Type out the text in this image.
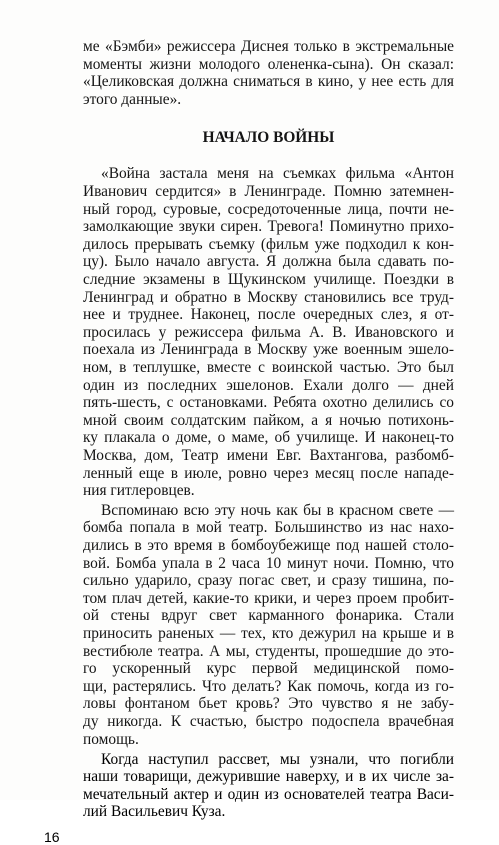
ме «Бэмби» режиссера Диснея только в экстремальные
моменты жизни молодого олененка-сына). Он сказал:
«Целиковская должна сниматься в кино, у нее есть для
этого данные».
НАЧАЛО ВОЙНЫ
«Война застала меня на съемках фильма «Антон
Иванович сердится» в Ленинграде. Помню затемнен-
ный город, суровые, сосредоточенные лица, почти не-
замолкающие звуки сирен. Тревога! Поминутно прихо-
дилось прерывать съемку (фильм уже подходил к кон-
цу). Было начало августа. Я должна была сдавать по-
следние экзамены в Щукинском училище. Поездки в
Ленинград и обратно в Москву становились все труд-
нее и труднее. Наконец, после очередных слез, я от-
просилась у режиссера фильма А. В. Ивановского и
поехала из Ленинграда в Москву уже военным эшело-
ном, в теплушке, вместе с воинской частью. Это был
один из последних эшелонов. Ехали долго — дней
пять-шесть, с остановками. Ребята охотно делились со
мной своим солдатским пайком, а я ночью потихонь-
ку плакала о доме, о маме, об училище. И наконец-то
Москва, дом, Театр имени Евг. Вахтангова, разбомб-
ленный еще в июле, ровно через месяц после нападе-
ния гитлеровцев.
Вспоминаю всю эту ночь как бы в красном свете —
бомба попала в мой театр. Большинство из нас нахо-
дились в это время в бомбоубежище под нашей столо-
вой. Бомба упала в 2 часа 10 минут ночи. Помню, что
сильно ударило, сразу погас свет, и сразу тишина, по-
том плач детей, какие-то крики, и через проем пробит-
ой стены вдруг свет карманного фонарика. Стали
приносить раненых — тех, кто дежурил на крыше и в
вестибюле театра. А мы, студенты, прошедшие до это-
го ускоренный курс первой медицинской помо-
щи, растерялись. Что делать? Как помочь, когда из го-
ловы фонтаном бьет кровь? Это чувство я не забу-
ду никогда. К счастью, быстро подоспела врачебная
помощь.
Когда наступил рассвет, мы узнали, что погибли
наши товарищи, дежурившие наверху, и в их числе за-
мечательный актер и один из основателей театра Васи-
лий Васильевич Куза.
16
